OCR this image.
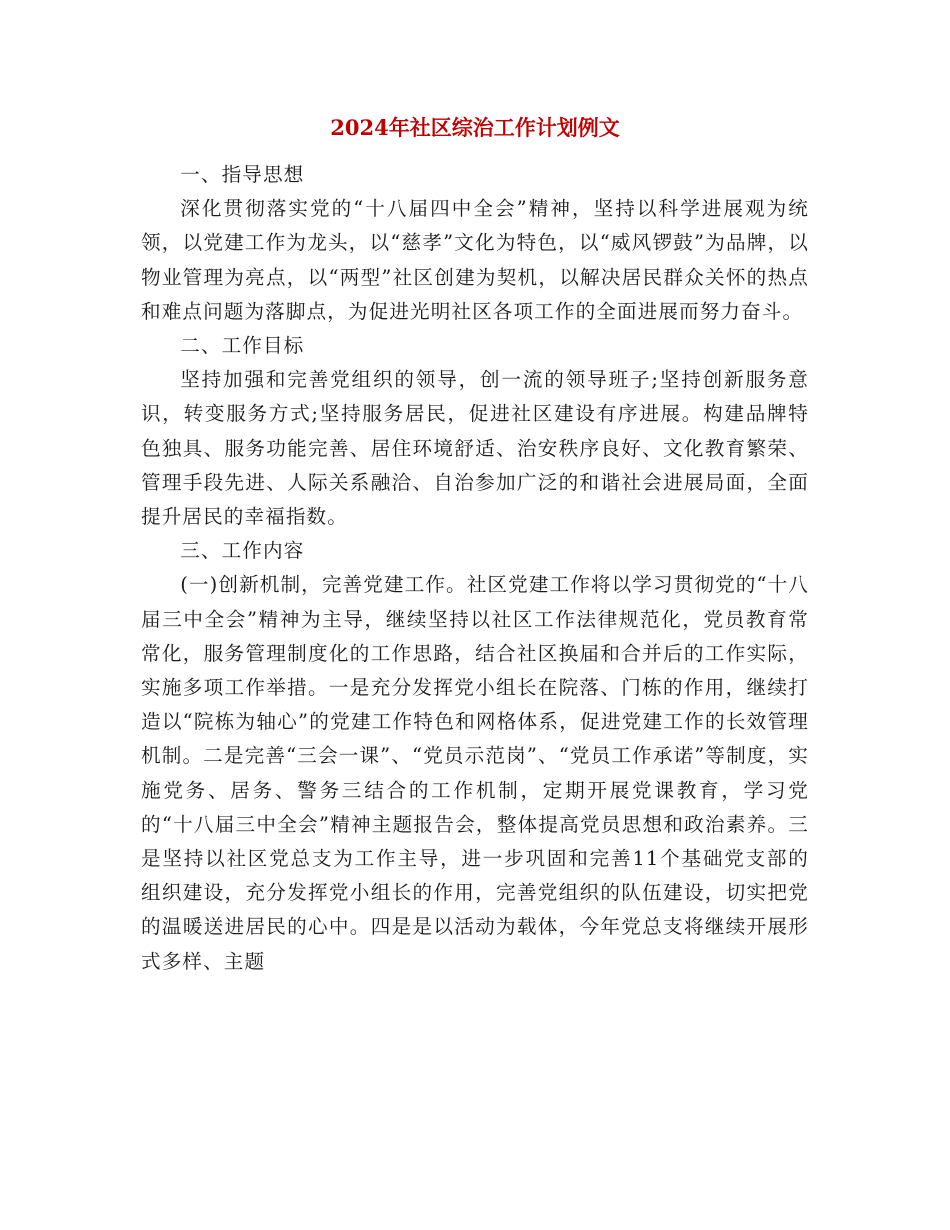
2024年社区综治工作计划例文

一、指导思想

深化贯彻落实党的“十八届四中全会”精神，坚持以科学进展观为统领，以党建工作为龙头，以“慈孝”文化为特色，以“威风锣鼓”为品牌，以物业管理为亮点，以“两型”社区创建为契机，以解决居民群众关怀的热点和难点问题为落脚点，为促进光明社区各项工作的全面进展而努力奋斗。

二、工作目标

坚持加强和完善党组织的领导，创一流的领导班子;坚持创新服务意识，转变服务方式;坚持服务居民，促进社区建设有序进展。构建品牌特色独具、服务功能完善、居住环境舒适、治安秩序良好、文化教育繁荣、管理手段先进、人际关系融洽、自治参加广泛的和谐社会进展局面，全面提升居民的幸福指数。

三、工作内容

(一)创新机制，完善党建工作。社区党建工作将以学习贯彻党的“十八届三中全会”精神为主导，继续坚持以社区工作法律规范化，党员教育常常化，服务管理制度化的工作思路，结合社区换届和合并后的工作实际，实施多项工作举措。一是充分发挥党小组长在院落、门栋的作用，继续打造以“院栋为轴心”的党建工作特色和网格体系，促进党建工作的长效管理机制。二是完善“三会一课”、“党员示范岗”、“党员工作承诺”等制度，实施党务、居务、警务三结合的工作机制，定期开展党课教育，学习党的“十八届三中全会”精神主题报告会，整体提高党员思想和政治素养。三是坚持以社区党总支为工作主导，进一步巩固和完善11个基础党支部的组织建设，充分发挥党小组长的作用，完善党组织的队伍建设，切实把党的温暖送进居民的心中。四是是以活动为载体，今年党总支将继续开展形式多样、主题
